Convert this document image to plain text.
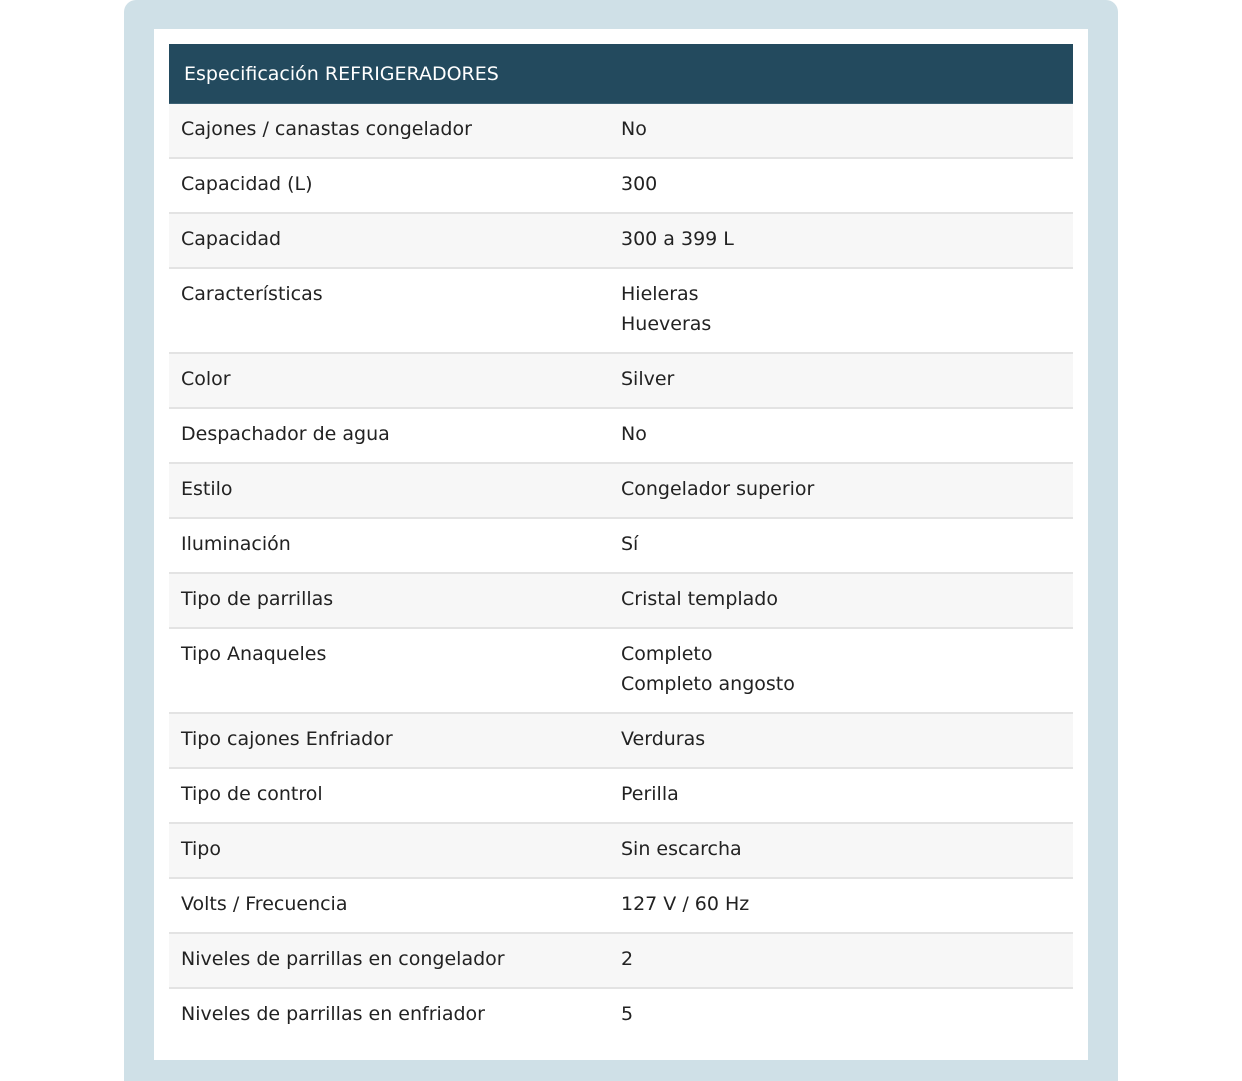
Especificación REFRIGERADORES
Cajones / canastas congelador	No
Capacidad (L)	300
Capacidad	300 a 399 L
Características	Hieleras
Hueveras
Color	Silver
Despachador de agua	No
Estilo	Congelador superior
Iluminación	Sí
Tipo de parrillas	Cristal templado
Tipo Anaqueles	Completo
Completo angosto
Tipo cajones Enfriador	Verduras
Tipo de control	Perilla
Tipo	Sin escarcha
Volts / Frecuencia	127 V / 60 Hz
Niveles de parrillas en congelador	2
Niveles de parrillas en enfriador	5
